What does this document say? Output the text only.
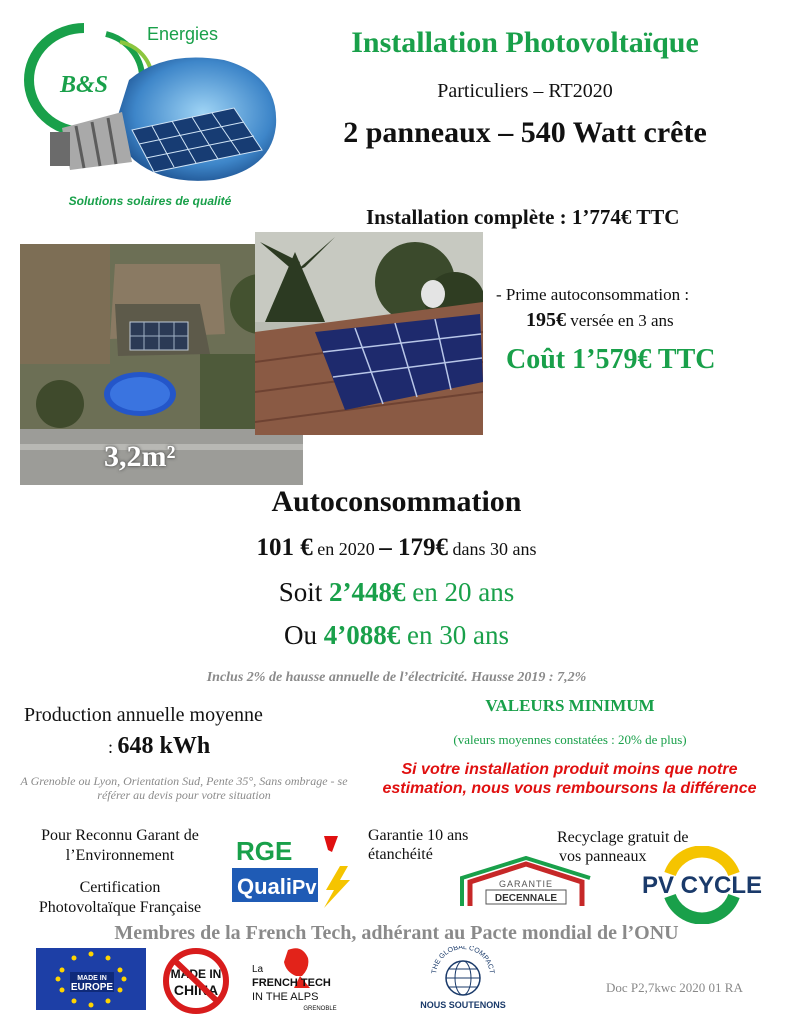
B&S
Energies
Solutions solaires de qualité
Installation Photovoltaïque
Particuliers – RT2020
2 panneaux – 540 Watt crête
Installation complète : 1’774€ TTC
- Prime autoconsommation :
195€ versée en 3 ans
Coût 1’579€ TTC
3,2m²
Autoconsommation
101 € en 2020 – 179€ dans 30 ans
Soit 2’448€ en 20 ans
Ou 4’088€ en 30 ans
Inclus 2% de hausse annuelle de l’électricité. Hausse 2019 : 7,2%
Production annuelle moyenne
: 648 kWh
A Grenoble ou Lyon, Orientation Sud, Pente 35°, Sans ombrage - se référer au devis pour votre situation
VALEURS MINIMUM
(valeurs moyennes constatées : 20% de plus)
Si votre installation produit moins que notre estimation, nous vous remboursons la différence
Pour Reconnu Garant de
l’Environnement
Certification
Photovoltaïque Française
RGE
Quali Pv
Garantie 10 ans
étanchéité
GARANTIE
DECENNALE
Recyclage gratuit de
vos panneaux
PV CYCLE
Membres de la French Tech, adhérant au Pacte mondial de l’ONU
MADE IN
EUROPE
MADE IN
CHINA
La
FRENCH TECH
IN THE ALPS
GRENOBLE
THE GLOBAL COMPACT
NOUS SOUTENONS
Doc P2,7kwc 2020 01 RA
